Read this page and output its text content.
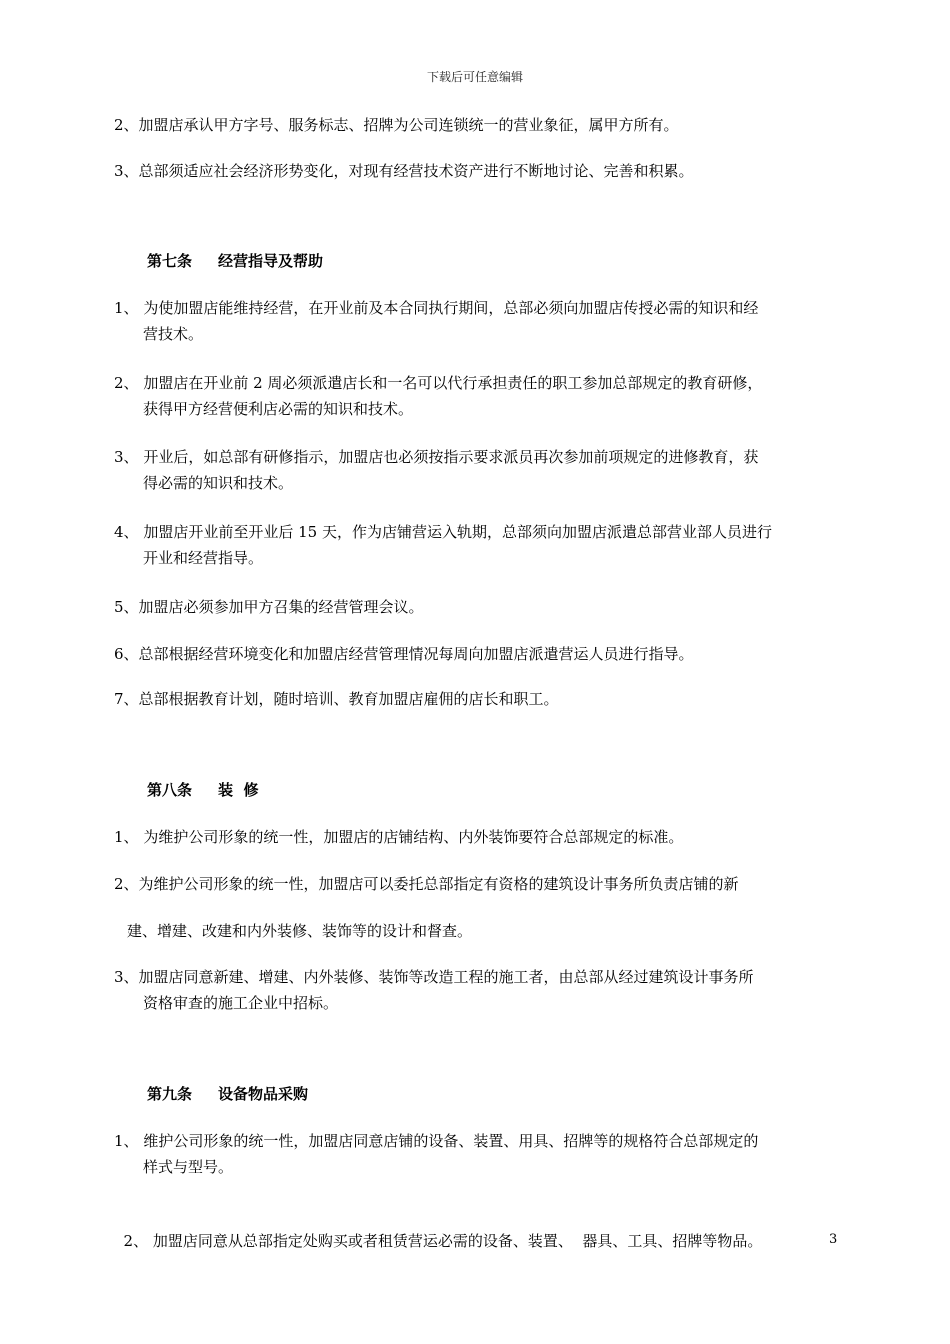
下载后可任意编辑
2、加盟店承认甲方字号、服务标志、招牌为公司连锁统一的营业象征，属甲方所有。
3、总部须适应社会经济形势变化，对现有经营技术资产进行不断地讨论、完善和积累。
第七条 经营指导及帮助
1、 为使加盟店能维持经营，在开业前及本合同执行期间，总部必须向加盟店传授必需的知识和经
营技术。
2、 加盟店在开业前 2 周必须派遣店长和一名可以代行承担责任的职工参加总部规定的教育研修，
获得甲方经营便利店必需的知识和技术。
3、 开业后，如总部有研修指示，加盟店也必须按指示要求派员再次参加前项规定的进修教育，获
得必需的知识和技术。
4、 加盟店开业前至开业后 15 天，作为店铺营运入轨期，总部须向加盟店派遣总部营业部人员进行
开业和经营指导。
5、加盟店必须参加甲方召集的经营管理会议。
6、总部根据经营环境变化和加盟店经营管理情况每周向加盟店派遣营运人员进行指导。
7、总部根据教育计划，随时培训、教育加盟店雇佣的店长和职工。
第八条 装  修
1、 为维护公司形象的统一性，加盟店的店铺结构、内外装饰要符合总部规定的标准。
2、为维护公司形象的统一性，加盟店可以委托总部指定有资格的建筑设计事务所负责店铺的新
建、增建、改建和内外装修、装饰等的设计和督查。
3、加盟店同意新建、增建、内外装修、装饰等改造工程的施工者，由总部从经过建筑设计事务所
资格审查的施工企业中招标。
第九条 设备物品采购
1、 维护公司形象的统一性，加盟店同意店铺的设备、装置、用具、招牌等的规格符合总部规定的
样式与型号。

2、 加盟店同意从总部指定处购买或者租赁营运必需的设备、装置、  器具、工具、招牌等物品。	3
